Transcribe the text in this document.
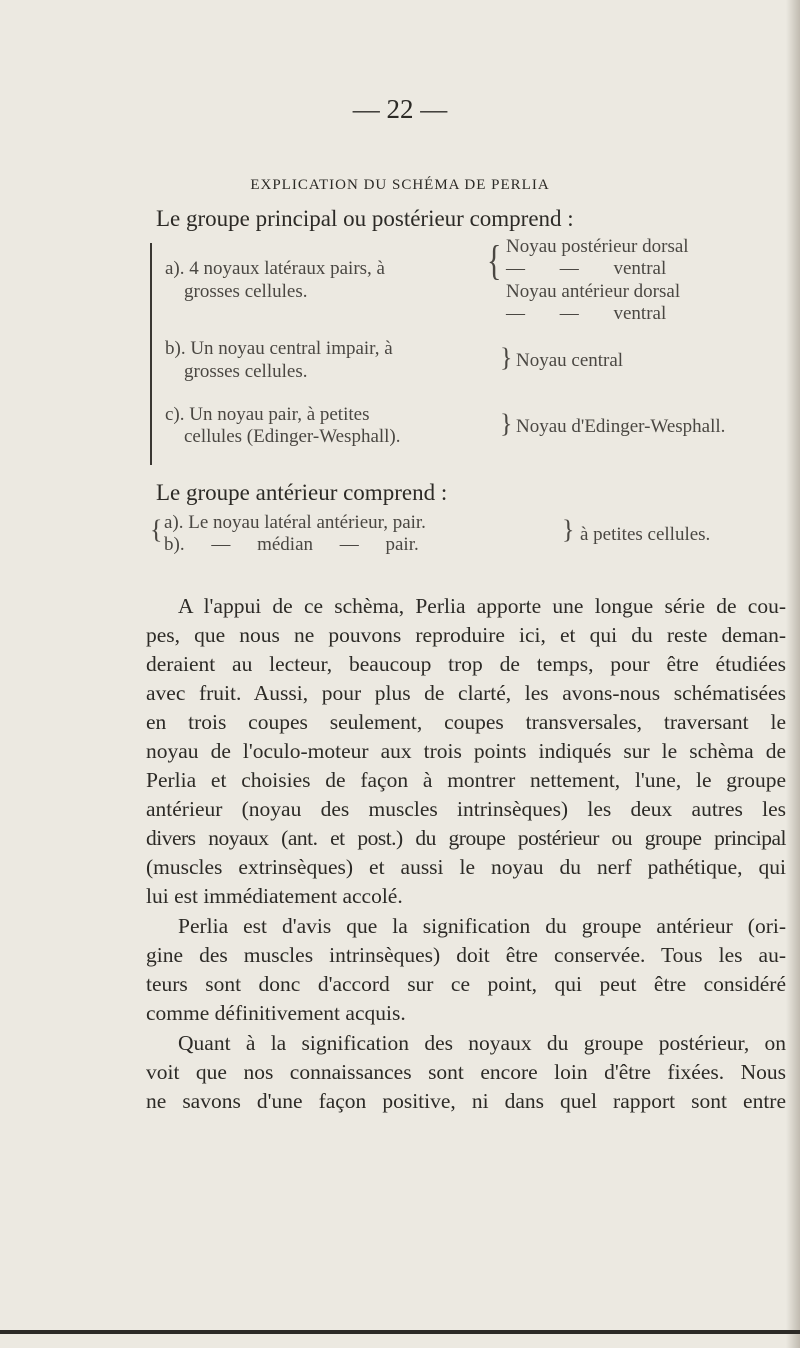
— 22 —
EXPLICATION DU SCHÉMA DE PERLIA
Le groupe principal ou postérieur comprend :
a). 4 noyaux latéraux pairs, à
grosses cellules.
{ Noyau postérieur dorsal
— — ventral
Noyau antérieur dorsal
— — ventral
b). Un noyau central impair, à
grosses cellules.	} Noyau central
c). Un noyau pair, à petites
cellules (Edinger-Wesphall).	} Noyau d'Edinger-Wesphall.
Le groupe antérieur comprend :
{ a). Le noyau latéral antérieur, pair.
b). — médian — pair.
} à petites cellules.
A l'appui de ce schèma, Perlia apporte une longue série de cou-
pes, que nous ne pouvons reproduire ici, et qui du reste deman-
deraient au lecteur, beaucoup trop de temps, pour être étudiées
avec fruit. Aussi, pour plus de clarté, les avons-nous schématisées
en trois coupes seulement, coupes transversales, traversant le
noyau de l'oculo-moteur aux trois points indiqués sur le schèma de
Perlia et choisies de façon à montrer nettement, l'une, le groupe
antérieur (noyau des muscles intrinsèques) les deux autres les
divers noyaux (ant. et post.) du groupe postérieur ou groupe principal
(muscles extrinsèques) et aussi le noyau du nerf pathétique, qui
lui est immédiatement accolé.
Perlia est d'avis que la signification du groupe antérieur (ori-
gine des muscles intrinsèques) doit être conservée. Tous les au-
teurs sont donc d'accord sur ce point, qui peut être considéré
comme définitivement acquis.
Quant à la signification des noyaux du groupe postérieur, on
voit que nos connaissances sont encore loin d'être fixées. Nous
ne savons d'une façon positive, ni dans quel rapport sont entre
